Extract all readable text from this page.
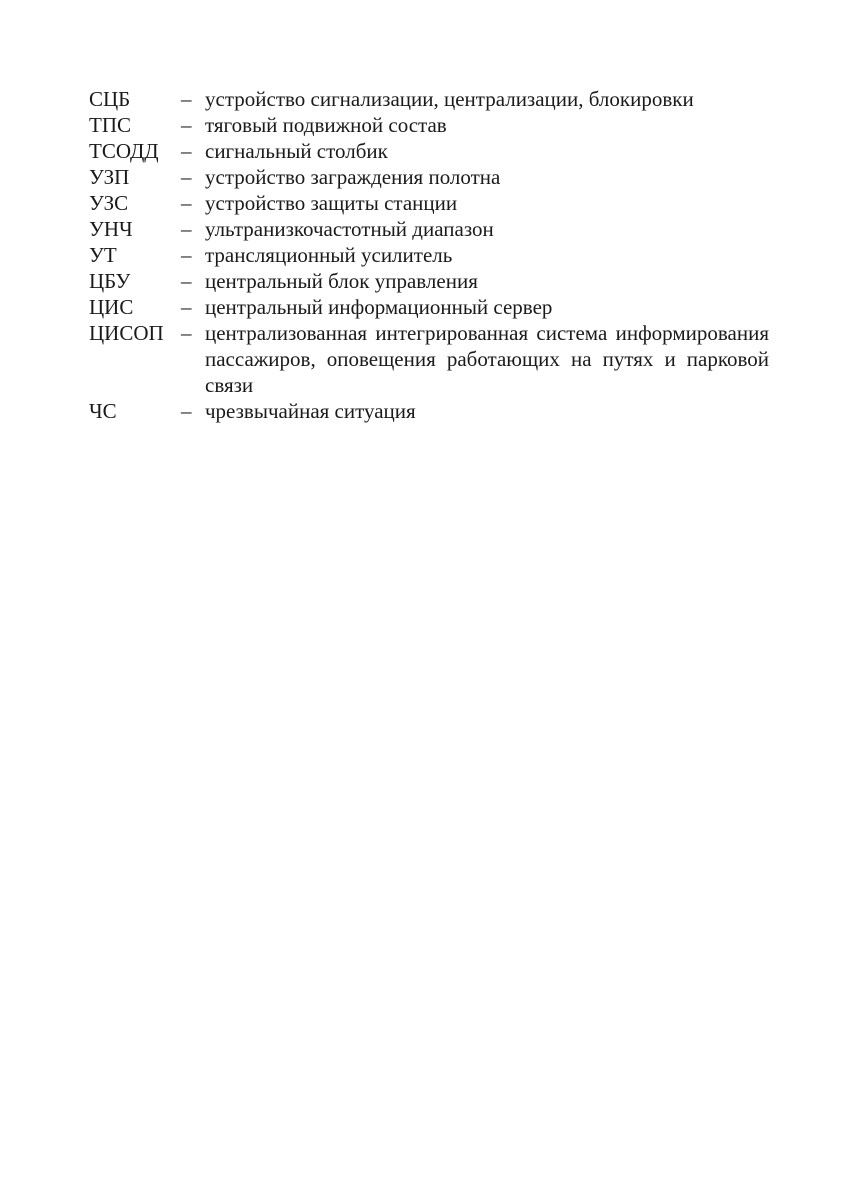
СЦБ	– устройство сигнализации, централизации, блокировки
ТПС	– тяговый подвижной состав
ТСОДД	– сигнальный столбик
УЗП	– устройство заграждения полотна
УЗС	– устройство защиты станции
УНЧ	– ультранизкочастотный диапазон
УТ	– трансляционный усилитель
ЦБУ	– центральный блок управления
ЦИС	– центральный информационный сервер
ЦИСОП – централизованная интегрированная система информирования пассажиров, оповещения работающих на путях и парковой связи
ЧС	– чрезвычайная ситуация
